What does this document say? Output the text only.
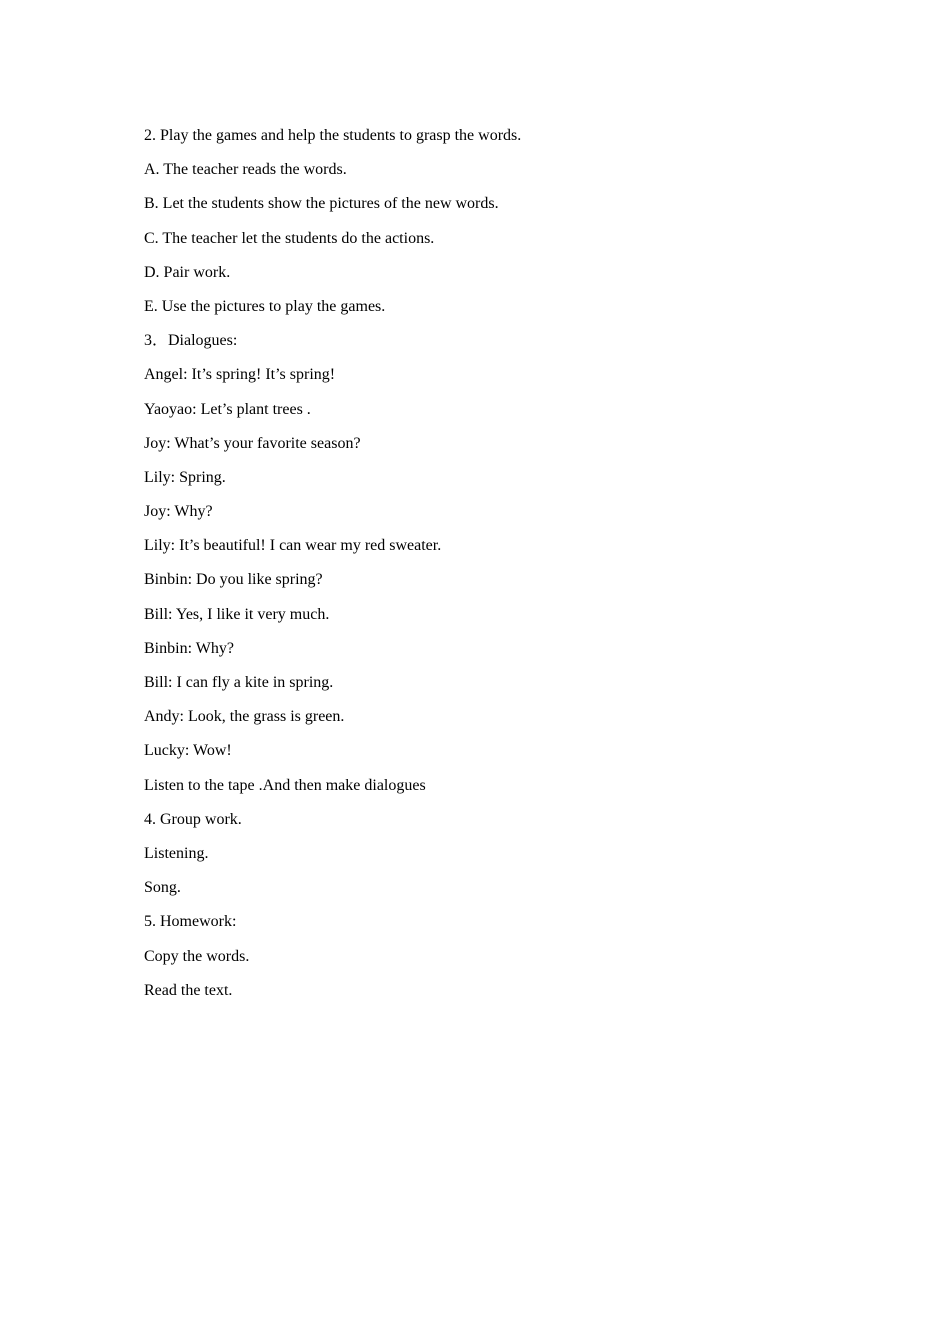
2. Play the games and help the students to grasp the words.
A. The teacher reads the words.
B. Let the students show the pictures of the new words.
C. The teacher let the students do the actions.
D. Pair work.
E. Use the pictures to play the games.
3．Dialogues:
Angel: It’s spring! It’s spring!
Yaoyao: Let’s plant trees .
Joy: What’s your favorite season?
Lily: Spring.
Joy: Why?
Lily: It’s beautiful! I can wear my red sweater.
Binbin: Do you like spring?
Bill: Yes, I like it very much.
Binbin: Why?
Bill: I can fly a kite in spring.
Andy: Look, the grass is green.
Lucky: Wow!
Listen to the tape .And then make dialogues
4. Group work.
Listening.
Song.
5. Homework:
Copy the words.
Read the text.
